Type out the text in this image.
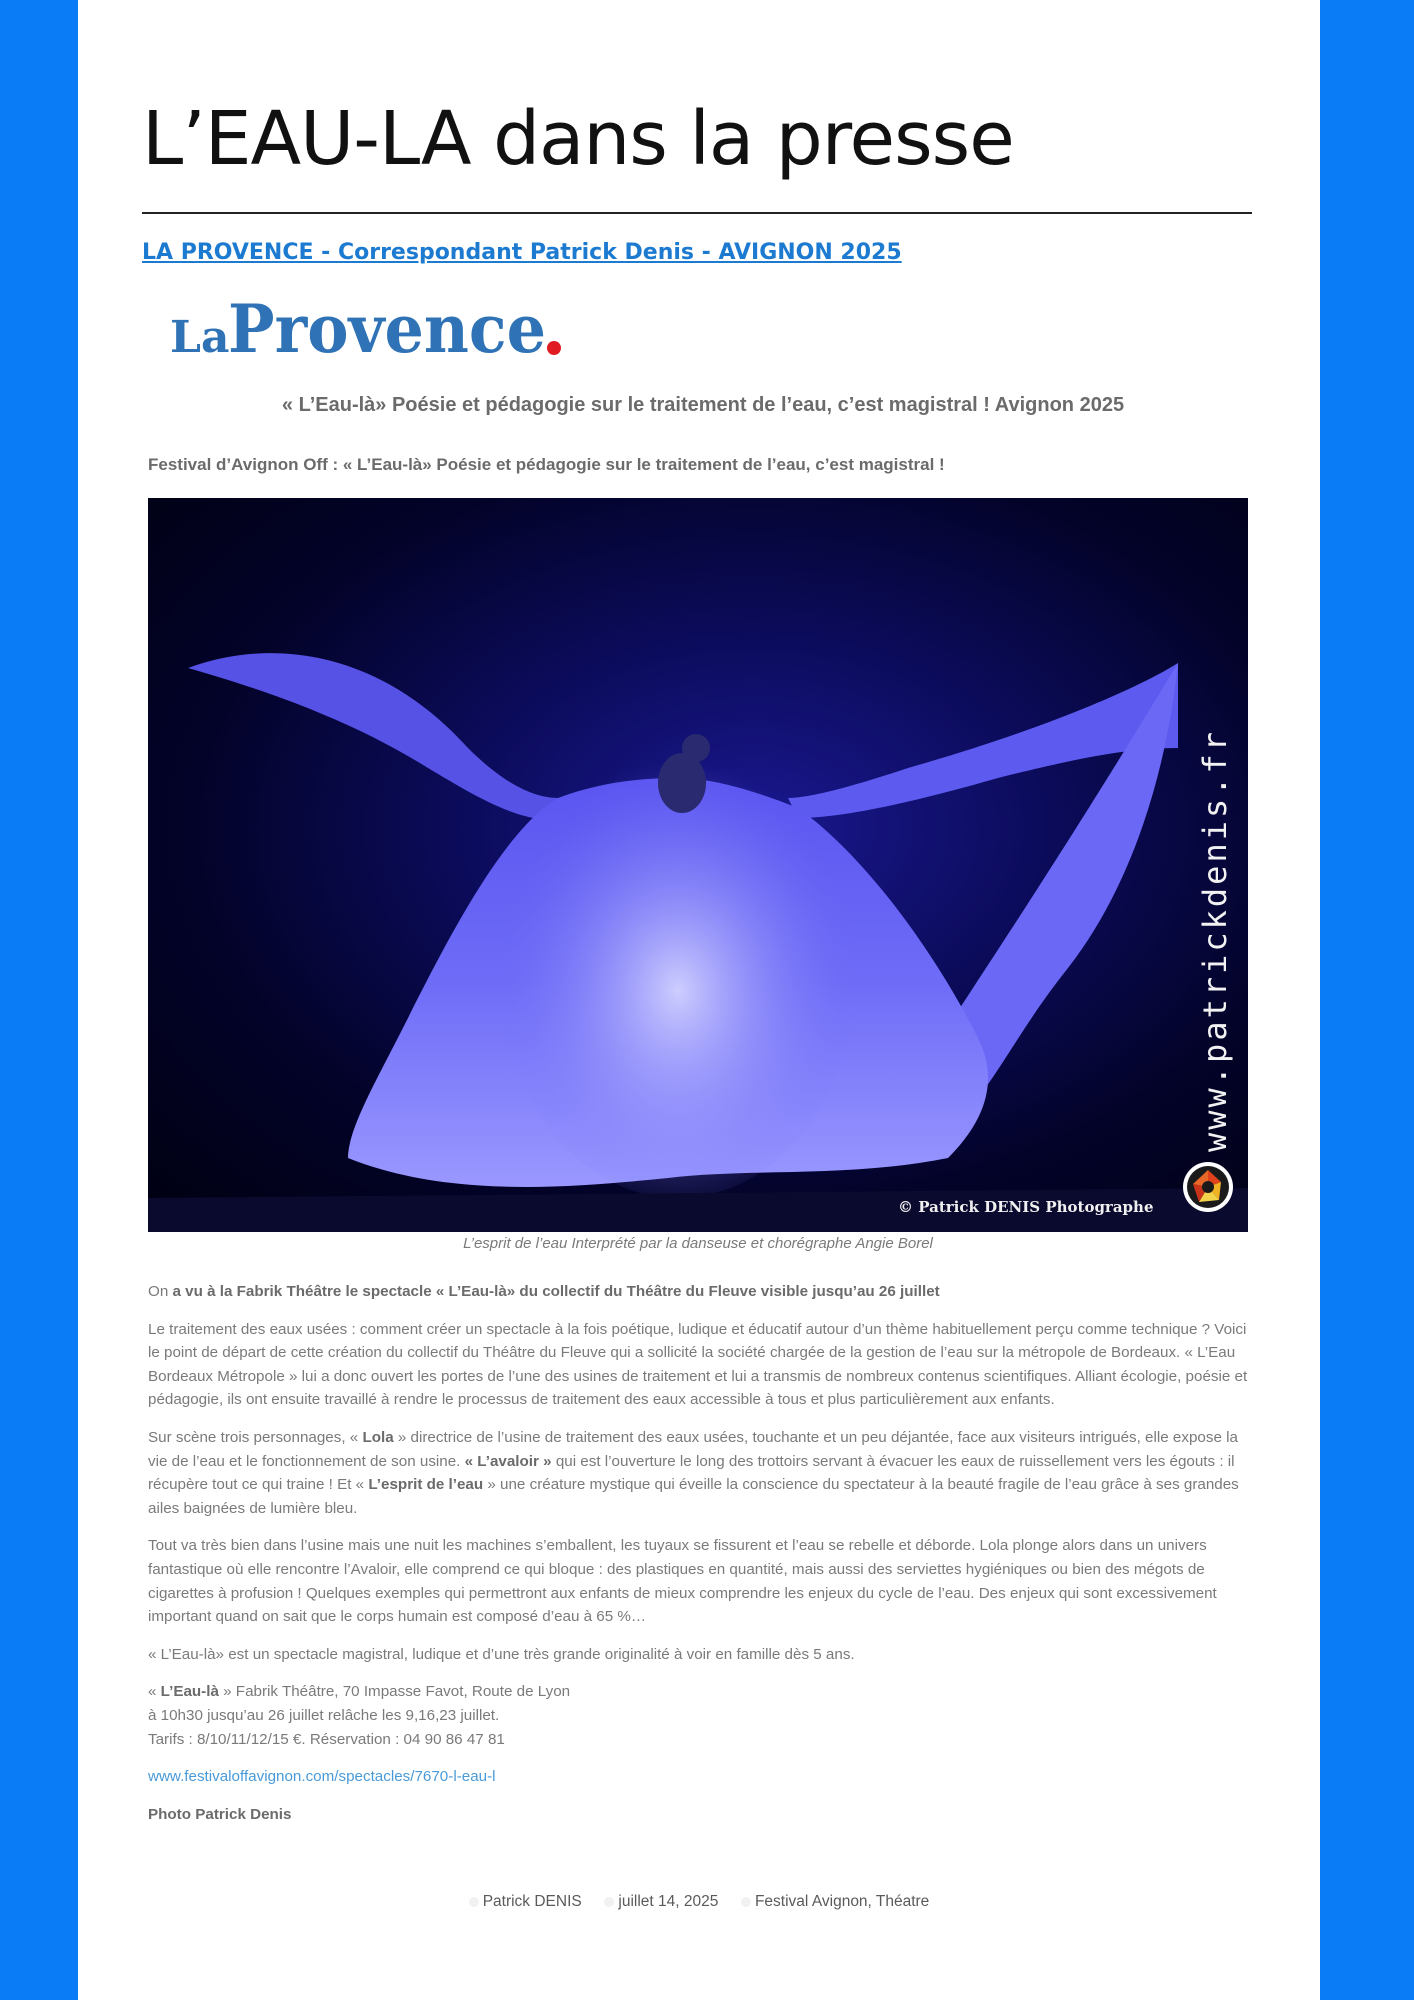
L’EAU-LA dans la presse
LA PROVENCE - Correspondant Patrick Denis - AVIGNON 2025
La
Provence
« L’Eau-là» Poésie et pédagogie sur le traitement de l’eau, c’est magistral ! Avignon 2025
Festival d’Avignon Off : « L’Eau-là» Poésie et pédagogie sur le traitement de l’eau, c’est magistral !
www.patrickdenis.fr
© Patrick DENIS Photographe
L’esprit de l’eau Interprété par la danseuse et chorégraphe Angie Borel

On a vu à la Fabrik Théâtre le spectacle « L’Eau-là» du collectif du Théâtre du Fleuve visible jusqu’au 26 juillet

Le traitement des eaux usées : comment créer un spectacle à la fois poétique, ludique et éducatif autour d’un thème habituellement perçu comme technique ? Voici le point de départ de cette création du collectif du Théâtre du Fleuve qui a sollicité la société chargée de la gestion de l’eau sur la métropole de Bordeaux. « L’Eau Bordeaux Métropole » lui a donc ouvert les portes de l’une des usines de traitement et lui a transmis de nombreux contenus scientifiques. Alliant écologie, poésie et pédagogie, ils ont ensuite travaillé à rendre le processus de traitement des eaux accessible à tous et plus particulièrement aux enfants.

Sur scène trois personnages, « Lola » directrice de l’usine de traitement des eaux usées, touchante et un peu déjantée, face aux visiteurs intrigués, elle expose la vie de l’eau et le fonctionnement de son usine. « L’avaloir » qui est l’ouverture le long des trottoirs servant à évacuer les eaux de ruissellement vers les égouts : il récupère tout ce qui traine ! Et « L’esprit de l’eau » une créature mystique qui éveille la conscience du spectateur à la beauté fragile de l’eau grâce à ses grandes ailes baignées de lumière bleu.

Tout va très bien dans l’usine mais une nuit les machines s’emballent, les tuyaux se fissurent et l’eau se rebelle et déborde. Lola plonge alors dans un univers fantastique où elle rencontre l’Avaloir, elle comprend ce qui bloque : des plastiques en quantité, mais aussi des serviettes hygiéniques ou bien des mégots de cigarettes à profusion ! Quelques exemples qui permettront aux enfants de mieux comprendre les enjeux du cycle de l’eau. Des enjeux qui sont excessivement important quand on sait que le corps humain est composé d’eau à 65 %…

« L’Eau-là» est un spectacle magistral, ludique et d’une très grande originalité à voir en famille dès 5 ans.

« L’Eau-là » Fabrik Théâtre, 70 Impasse Favot, Route de Lyon
à 10h30 jusqu’au 26 juillet relâche les 9,16,23 juillet.
Tarifs : 8/10/11/12/15 €. Réservation : 04 90 86 47 81

www.festivaloffavignon.com/spectacles/7670-l-eau-l

Photo Patrick Denis

Patrick DENIS juillet 14, 2025 Festival Avignon, Théatre
